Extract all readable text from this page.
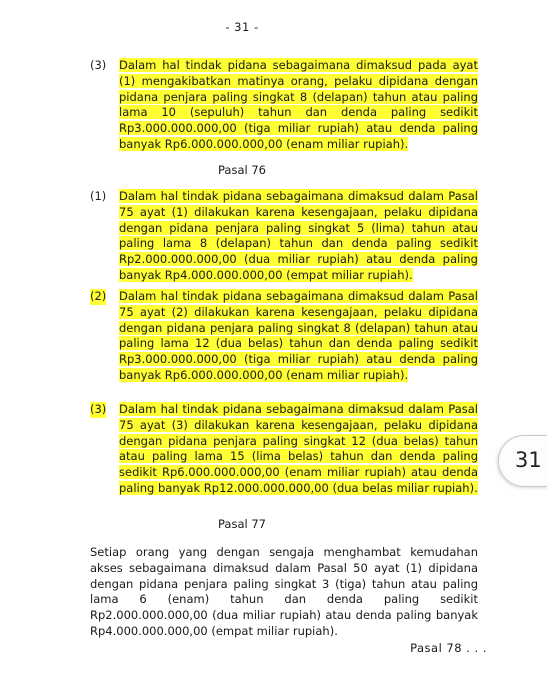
- 31 -
(3) Dalam hal tindak pidana sebagaimana dimaksud pada ayat (1) mengakibatkan matinya orang, pelaku dipidana dengan pidana penjara paling singkat 8 (delapan) tahun atau paling lama 10 (sepuluh) tahun dan denda paling sedikit Rp3.000.000.000,00 (tiga miliar rupiah) atau denda paling banyak Rp6.000.000.000,00 (enam miliar rupiah).
Pasal 76
(1) Dalam hal tindak pidana sebagaimana dimaksud dalam Pasal 75 ayat (1) dilakukan karena kesengajaan, pelaku dipidana dengan pidana penjara paling singkat 5 (lima) tahun atau paling lama 8 (delapan) tahun dan denda paling sedikit Rp2.000.000.000,00 (dua miliar rupiah) atau denda paling banyak Rp4.000.000.000,00 (empat miliar rupiah).
(2) Dalam hal tindak pidana sebagaimana dimaksud dalam Pasal 75 ayat (2) dilakukan karena kesengajaan, pelaku dipidana dengan pidana penjara paling singkat 8 (delapan) tahun atau paling lama 12 (dua belas) tahun dan denda paling sedikit Rp3.000.000.000,00 (tiga miliar rupiah) atau denda paling banyak Rp6.000.000.000,00 (enam miliar rupiah).
(3) Dalam hal tindak pidana sebagaimana dimaksud dalam Pasal 75 ayat (3) dilakukan karena kesengajaan, pelaku dipidana dengan pidana penjara paling singkat 12 (dua belas) tahun atau paling lama 15 (lima belas) tahun dan denda paling sedikit Rp6.000.000.000,00 (enam miliar rupiah) atau denda paling banyak Rp12.000.000.000,00 (dua belas miliar rupiah).
Pasal 77
Setiap orang yang dengan sengaja menghambat kemudahan akses sebagaimana dimaksud dalam Pasal 50 ayat (1) dipidana dengan pidana penjara paling singkat 3 (tiga) tahun atau paling lama 6 (enam) tahun dan denda paling sedikit Rp2.000.000.000,00 (dua miliar rupiah) atau denda paling banyak Rp4.000.000.000,00 (empat miliar rupiah).
Pasal 78 . . .
31
